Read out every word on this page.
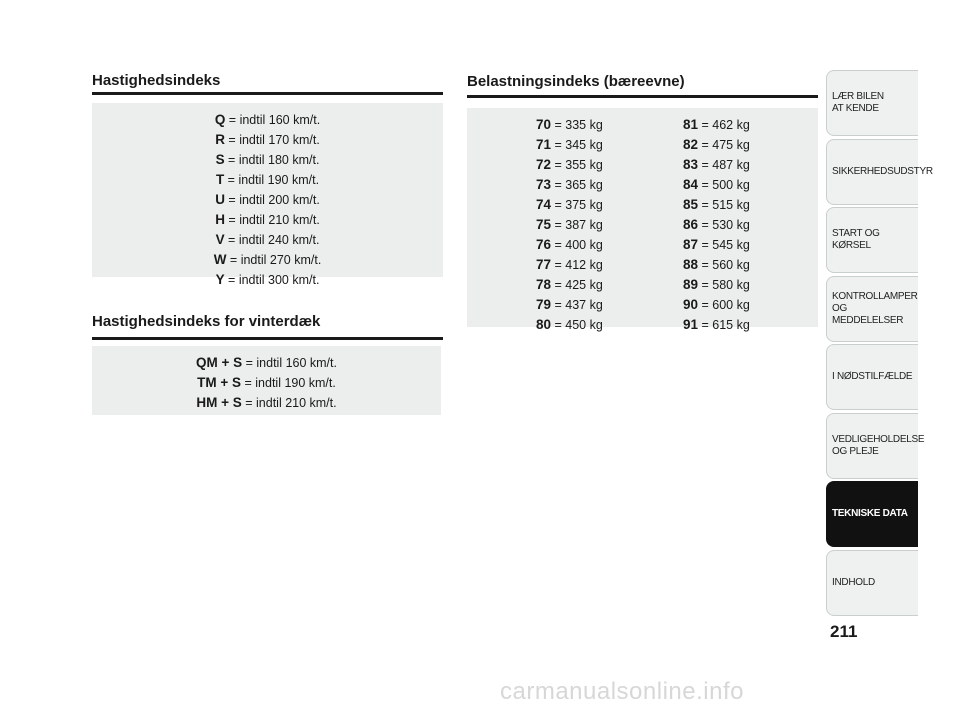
Hastighedsindeks
Q = indtil 160 km/t.
R = indtil 170 km/t.
S = indtil 180 km/t.
T = indtil 190 km/t.
U = indtil 200 km/t.
H = indtil 210 km/t.
V = indtil 240 km/t.
W = indtil 270 km/t.
Y = indtil 300 km/t.
Hastighedsindeks for vinterdæk
QM + S = indtil 160 km/t.
TM + S = indtil 190 km/t.
HM + S = indtil 210 km/t.
Belastningsindeks (bæreevne)
70 = 335 kg
71 = 345 kg
72 = 355 kg
73 = 365 kg
74 = 375 kg
75 = 387 kg
76 = 400 kg
77 = 412 kg
78 = 425 kg
79 = 437 kg
80 = 450 kg
81 = 462 kg
82 = 475 kg
83 = 487 kg
84 = 500 kg
85 = 515 kg
86 = 530 kg
87 = 545 kg
88 = 560 kg
89 = 580 kg
90 = 600 kg
91 = 615 kg
LÆR BILEN
AT KENDE
SIKKERHEDSUDSTYR
START OG KØRSEL
KONTROLLAMPER
OG MEDDELELSER
I NØDSTILFÆLDE
VEDLIGEHOLDELSE
OG PLEJE
TEKNISKE DATA
INDHOLD
211
carmanualsonline.info
